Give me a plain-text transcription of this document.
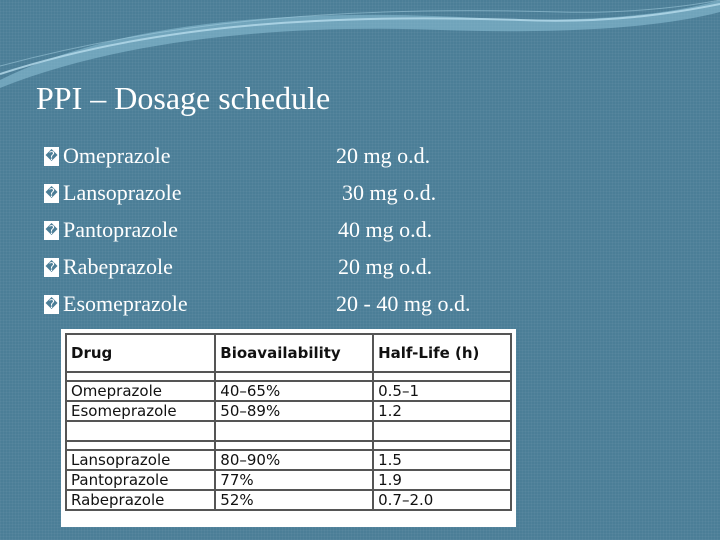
PPI – Dosage schedule
� Omeprazole	20 mg o.d.
� Lansoprazole	30 mg o.d.
� Pantoprazole	40 mg o.d.
� Rabeprazole	20 mg o.d.
� Esomeprazole	20 - 40 mg o.d.
Drug	Bioavailability	Half-Life (h)

Omeprazole	40–65%	0.5–1
Esomeprazole	50–89%	1.2

Lansoprazole	80–90%	1.5
Pantoprazole	77%	1.9
Rabeprazole	52%	0.7–2.0
